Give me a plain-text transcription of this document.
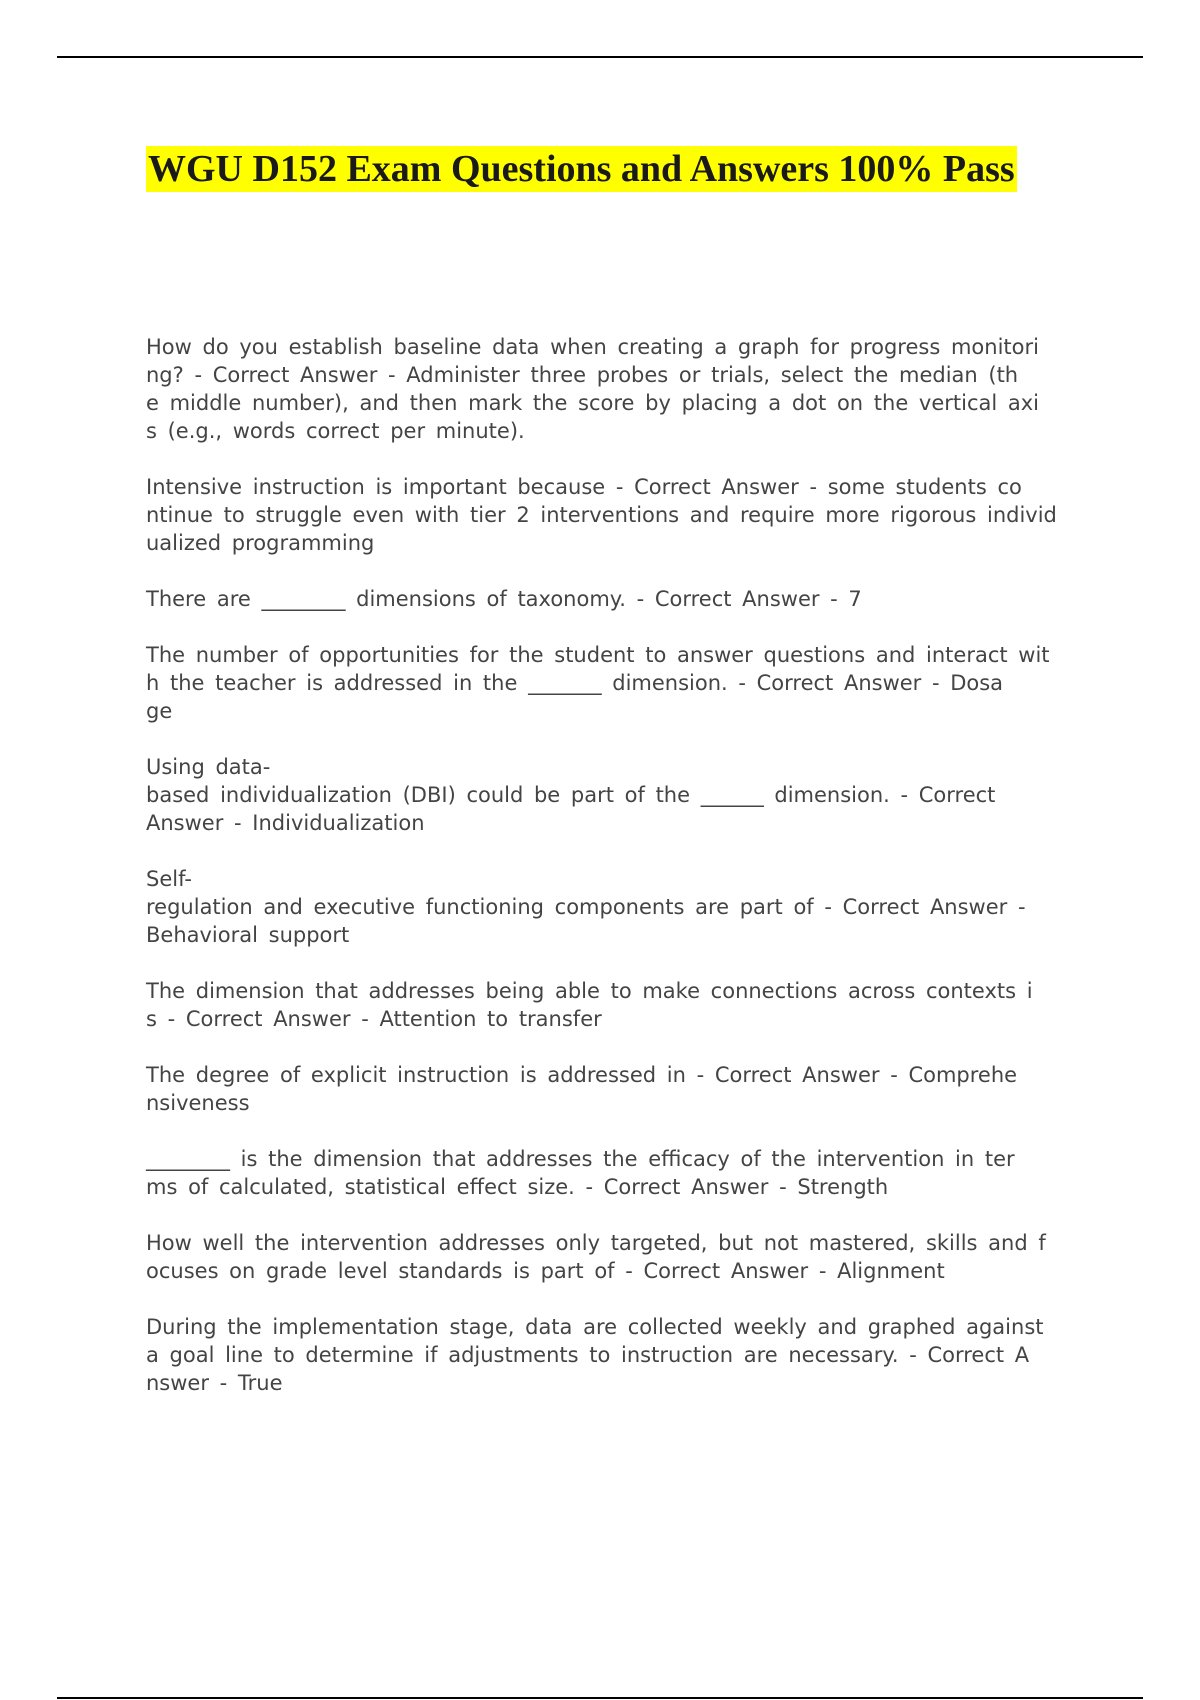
WGU D152 Exam Questions and Answers 100% Pass

How do you establish baseline data when creating a graph for progress monitori
ng? - Correct Answer - Administer three probes or trials, select the median (th
e middle number), and then mark the score by placing a dot on the vertical axi
s (e.g., words correct per minute).

Intensive instruction is important because - Correct Answer - some students co
ntinue to struggle even with tier 2 interventions and require more rigorous individ
ualized programming

There are ________ dimensions of taxonomy. - Correct Answer - 7

The number of opportunities for the student to answer questions and interact wit
h the teacher is addressed in the _______ dimension. - Correct Answer - Dosa
ge

Using data-
based individualization (DBI) could be part of the ______ dimension. - Correct
Answer - Individualization

Self-
regulation and executive functioning components are part of - Correct Answer -
Behavioral support

The dimension that addresses being able to make connections across contexts i
s - Correct Answer - Attention to transfer

The degree of explicit instruction is addressed in - Correct Answer - Comprehe
nsiveness

________ is the dimension that addresses the efficacy of the intervention in ter
ms of calculated, statistical effect size. - Correct Answer - Strength

How well the intervention addresses only targeted, but not mastered, skills and f
ocuses on grade level standards is part of - Correct Answer - Alignment

During the implementation stage, data are collected weekly and graphed against
a goal line to determine if adjustments to instruction are necessary. - Correct A
nswer - True
